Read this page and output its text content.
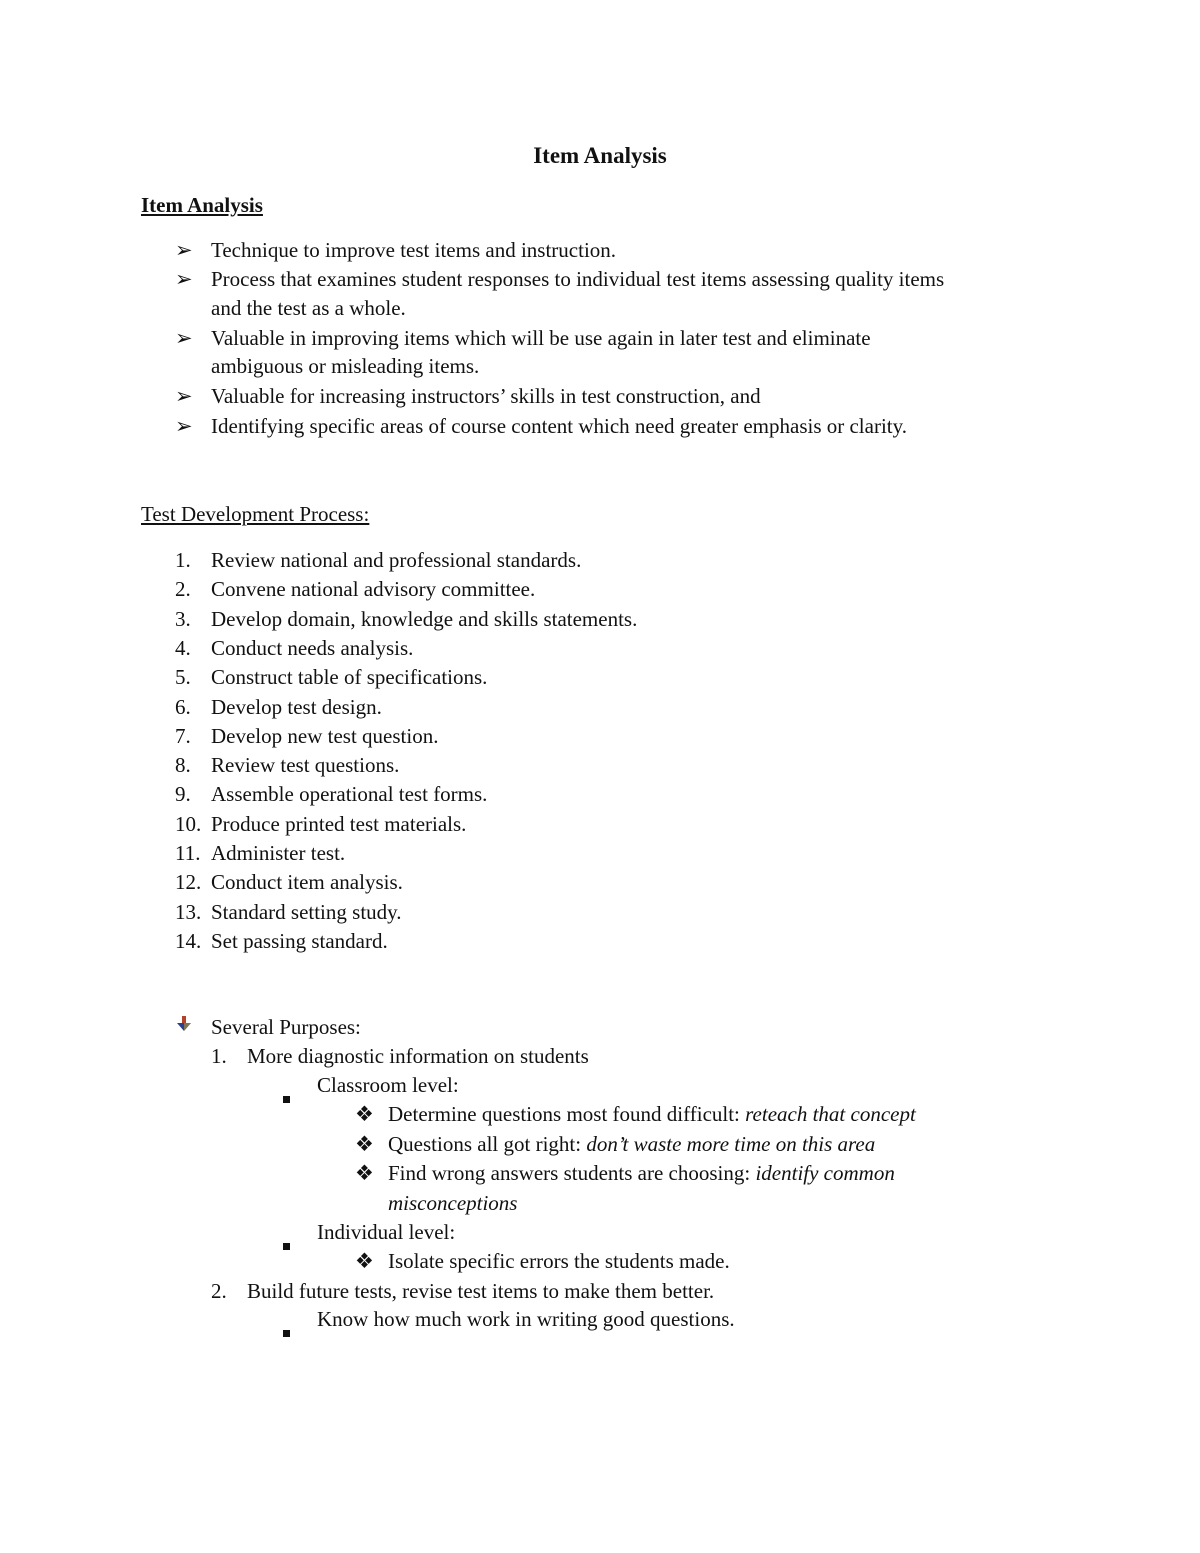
Item Analysis
Item Analysis
➢ Technique to improve test items and instruction.
➢ Process that examines student responses to individual test items assessing quality items
and the test as a whole.
➢ Valuable in improving items which will be use again in later test and eliminate
ambiguous or misleading items.
➢ Valuable for increasing instructors’ skills in test construction, and
➢ Identifying specific areas of course content which need greater emphasis or clarity.
Test Development Process:
1. Review national and professional standards.
2. Convene national advisory committee.
3. Develop domain, knowledge and skills statements.
4. Conduct needs analysis.
5. Construct table of specifications.
6. Develop test design.
7. Develop new test question.
8. Review test questions.
9. Assemble operational test forms.
10. Produce printed test materials.
11. Administer test.
12. Conduct item analysis.
13. Standard setting study.
14. Set passing standard.
Several Purposes:
1. More diagnostic information on students
Classroom level:
❖ Determine questions most found difficult: reteach that concept
❖ Questions all got right: don’t waste more time on this area
❖ Find wrong answers students are choosing: identify common
misconceptions
Individual level:
❖ Isolate specific errors the students made.
2. Build future tests, revise test items to make them better.
Know how much work in writing good questions.
